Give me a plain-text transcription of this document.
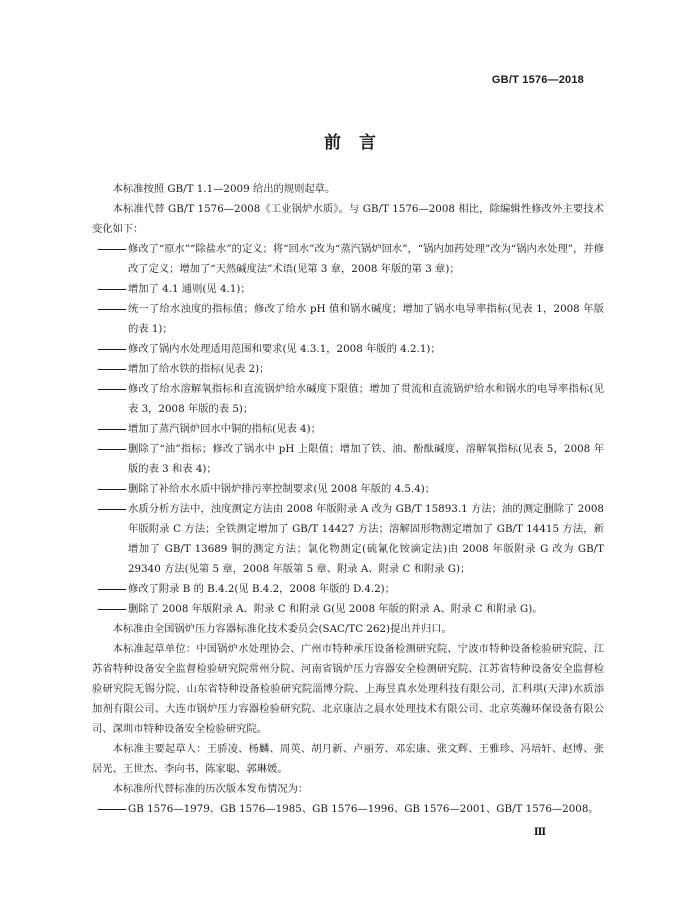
GB/T 1576—2018
前言

本标准按照 GB/T 1.1—2009 给出的规则起草。

本标准代替 GB/T 1576—2008《工业锅炉水质》。与 GB/T 1576—2008 相比，除编辑性修改外主要技术变化如下：

修改了“原水”“除盐水”的定义；将“回水”改为“蒸汽锅炉回水”，“锅内加药处理”改为“锅内水处理”，并修改了定义；增加了“天然碱度法”术语(见第 3 章，2008 年版的第 3 章)；
增加了 4.1 通则(见 4.1)；
统一了给水浊度的指标值；修改了给水 pH 值和锅水碱度；增加了锅水电导率指标(见表 1，2008 年版的表 1)；
修改了锅内水处理适用范围和要求(见 4.3.1，2008 年版的 4.2.1)；
增加了给水铁的指标(见表 2)；
修改了给水溶解氧指标和直流锅炉给水碱度下限值；增加了贯流和直流锅炉给水和锅水的电导率指标(见表 3，2008 年版的表 5)；
增加了蒸汽锅炉回水中铜的指标(见表 4)；
删除了“油”指标；修改了锅水中 pH 上限值；增加了铁、油、酚酞碱度、溶解氧指标(见表 5，2008 年版的表 3 和表 4)；
删除了补给水水质中锅炉排污率控制要求(见 2008 年版的 4.5.4)；
水质分析方法中，浊度测定方法由 2008 年版附录 A 改为 GB/T 15893.1 方法；油的测定删除了 2008 年版附录 C 方法；全铁测定增加了 GB/T 14427 方法；溶解固形物测定增加了 GB/T 14415 方法，新增加了 GB/T 13689 铜的测定方法；氯化物测定(硫氰化铵滴定法)由 2008 年版附录 G 改为 GB/T 29340 方法(见第 5 章，2008 年版第 5 章、附录 A、附录 C 和附录 G)；
修改了附录 B 的 B.4.2(见 B.4.2，2008 年版的 D.4.2)；
删除了 2008 年版附录 A、附录 C 和附录 G(见 2008 年版的附录 A、附录 C 和附录 G)。

本标准由全国锅炉压力容器标准化技术委员会(SAC/TC 262)提出并归口。

本标准起草单位：中国锅炉水处理协会、广州市特种承压设备检测研究院、宁波市特种设备检验研究院、江苏省特种设备安全监督检验研究院常州分院、河南省锅炉压力容器安全检测研究院、江苏省特种设备安全监督检验研究院无锡分院、山东省特种设备检验研究院淄博分院、上海昱真水处理科技有限公司、汇科琪(天津)水质添加剂有限公司、大连市锅炉压力容器检验研究院、北京康洁之晨水处理技术有限公司、北京英瀚环保设备有限公司、深圳市特种设备安全检验研究院。

本标准主要起草人：王骄凌、杨麟、周英、胡月新、卢丽芳、邓宏康、张文辉、王雅珍、冯培轩、赵博、张居光、王世杰、李向书、陈家聪、郭琳媛。

本标准所代替标准的历次版本发布情况为：

GB 1576—1979、GB 1576—1985、GB 1576—1996、GB 1576—2001、GB/T 1576—2008。
Ⅲ
